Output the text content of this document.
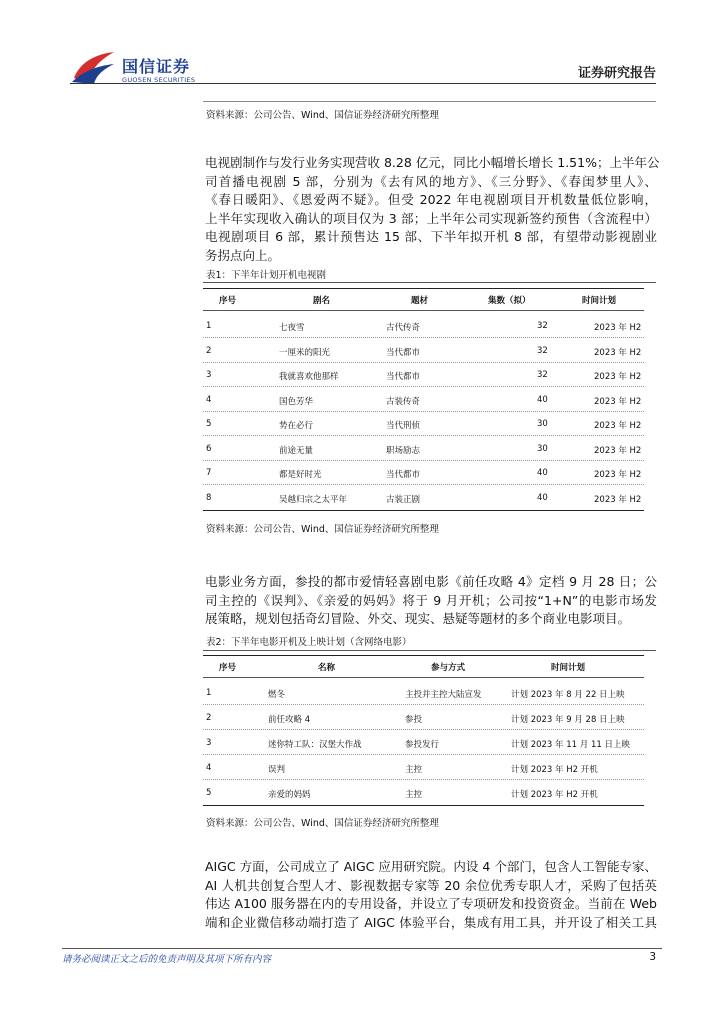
国信证券
GUOSEN SECURITIES	证券研究报告
资料来源：公司公告、Wind、国信证券经济研究所整理

电视剧制作与发行业务实现营收 8.28 亿元，同比小幅增长增长 1.51%；上半年公

司首播电视剧 5 部，分别为《去有风的地方》、《三分野》、《春闺梦里人》、

《春日暖阳》、《恩爱两不疑》。但受 2022 年电视剧项目开机数量低位影响，

上半年实现收入确认的项目仅为 3 部；上半年公司实现新签约预售（含流程中）

电视剧项目 6 部，累计预售达 15 部、下半年拟开机 8 部，有望带动影视剧业

务拐点向上。

表1：下半年计划开机电视剧
序号	剧名	题材	集数（拟）	时间计划
1	七夜雪	古代传奇	32	2023 年 H2
2	一厘米的阳光	当代都市	32	2023 年 H2
3	我就喜欢他那样	当代都市	32	2023 年 H2
4	国色芳华	古装传奇	40	2023 年 H2
5	势在必行	当代刑侦	30	2023 年 H2
6	前途无量	职场励志	30	2023 年 H2
7	都是好时光	当代都市	40	2023 年 H2
8	吴越归宗之太平年	古装正剧	40	2023 年 H2
资料来源：公司公告、Wind、国信证券经济研究所整理

电影业务方面，参投的都市爱情轻喜剧电影《前任攻略 4》定档 9 月 28 日；公

司主控的《误判》、《亲爱的妈妈》将于 9 月开机；公司按“1+N”的电影市场发

展策略，规划包括奇幻冒险、外交、现实、悬疑等题材的多个商业电影项目。

表2：下半年电影开机及上映计划（含网络电影）
序号	名称	参与方式	时间计划
1	燃冬	主投并主控大陆宣发	计划 2023 年 8 月 22 日上映
2	前任攻略 4	参投	计划 2023 年 9 月 28 日上映
3	迷你特工队：汉堡大作战	参投发行	计划 2023 年 11 月 11 日上映
4	误判	主控	计划 2023 年 H2 开机
5	亲爱的妈妈	主控	计划 2023 年 H2 开机
资料来源：公司公告、Wind、国信证券经济研究所整理

AIGC 方面，公司成立了 AIGC 应用研究院。内设 4 个部门，包含人工智能专家、

AI 人机共创复合型人才、影视数据专家等 20 余位优秀专职人才，采购了包括英

伟达 A100 服务器在内的专用设备，并设立了专项研发和投资资金。当前在 Web

端和企业微信移动端打造了 AIGC 体验平台，集成有用工具，并开设了相关工具

请务必阅读正文之后的免责声明及其项下所有内容	3
